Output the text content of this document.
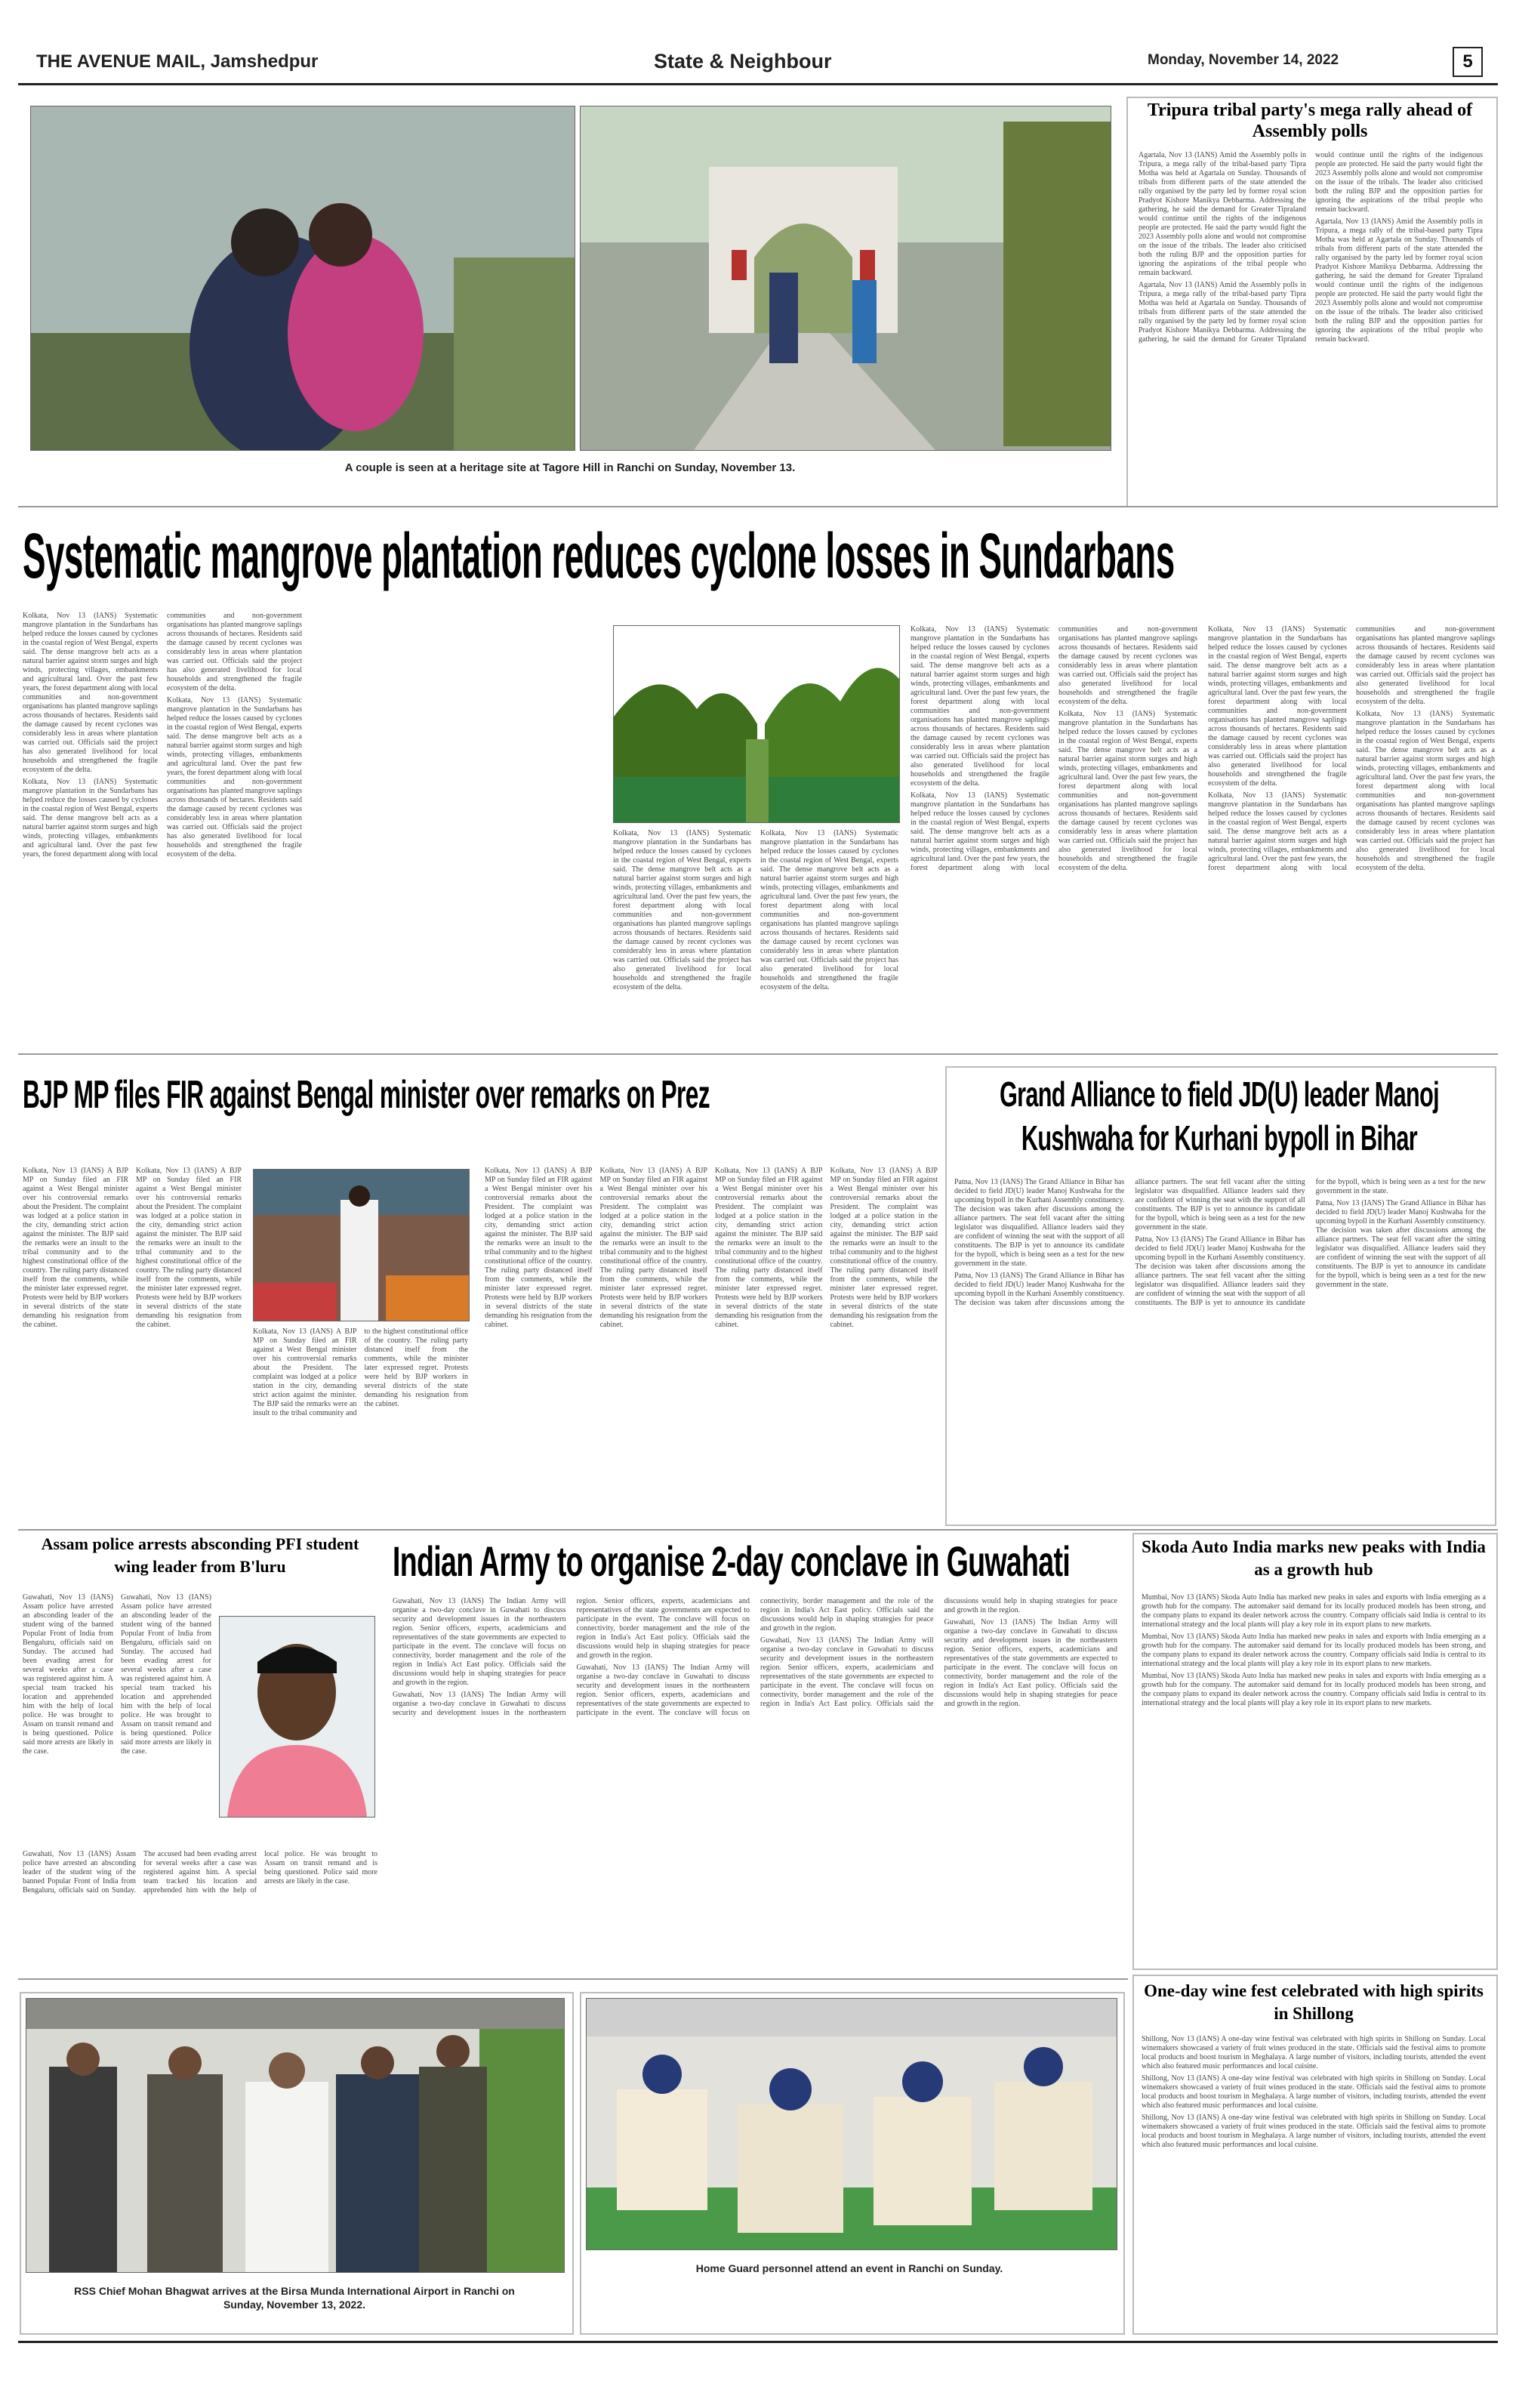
THE AVENUE MAIL, Jamshedpur	State & Neighbour	Monday, November 14, 2022	5
A couple is seen at a heritage site at Tagore Hill in Ranchi on Sunday, November 13.
Tripura tribal party's mega rally ahead of Assembly polls

Agartala, Nov 13 (IANS) Amid the Assembly polls in Tripura, a mega rally of the tribal-based party Tipra Motha was held at Agartala on Sunday. Thousands of tribals from different parts of the state attended the rally organised by the party led by former royal scion Pradyot Kishore Manikya Debbarma. Addressing the gathering, he said the demand for Greater Tipraland would continue until the rights of the indigenous people are protected. He said the party would fight the 2023 Assembly polls alone and would not compromise on the issue of the tribals. The leader also criticised both the ruling BJP and the opposition parties for ignoring the aspirations of the tribal people who remain backward.

Agartala, Nov 13 (IANS) Amid the Assembly polls in Tripura, a mega rally of the tribal-based party Tipra Motha was held at Agartala on Sunday. Thousands of tribals from different parts of the state attended the rally organised by the party led by former royal scion Pradyot Kishore Manikya Debbarma. Addressing the gathering, he said the demand for Greater Tipraland would continue until the rights of the indigenous people are protected. He said the party would fight the 2023 Assembly polls alone and would not compromise on the issue of the tribals. The leader also criticised both the ruling BJP and the opposition parties for ignoring the aspirations of the tribal people who remain backward.

Agartala, Nov 13 (IANS) Amid the Assembly polls in Tripura, a mega rally of the tribal-based party Tipra Motha was held at Agartala on Sunday. Thousands of tribals from different parts of the state attended the rally organised by the party led by former royal scion Pradyot Kishore Manikya Debbarma. Addressing the gathering, he said the demand for Greater Tipraland would continue until the rights of the indigenous people are protected. He said the party would fight the 2023 Assembly polls alone and would not compromise on the issue of the tribals. The leader also criticised both the ruling BJP and the opposition parties for ignoring the aspirations of the tribal people who remain backward.

Systematic mangrove plantation reduces cyclone losses in Sundarbans

Kolkata, Nov 13 (IANS) Systematic mangrove plantation in the Sundarbans has helped reduce the losses caused by cyclones in the coastal region of West Bengal, experts said. The dense mangrove belt acts as a natural barrier against storm surges and high winds, protecting villages, embankments and agricultural land. Over the past few years, the forest department along with local communities and non-government organisations has planted mangrove saplings across thousands of hectares. Residents said the damage caused by recent cyclones was considerably less in areas where plantation was carried out. Officials said the project has also generated livelihood for local households and strengthened the fragile ecosystem of the delta.

Kolkata, Nov 13 (IANS) Systematic mangrove plantation in the Sundarbans has helped reduce the losses caused by cyclones in the coastal region of West Bengal, experts said. The dense mangrove belt acts as a natural barrier against storm surges and high winds, protecting villages, embankments and agricultural land. Over the past few years, the forest department along with local communities and non-government organisations has planted mangrove saplings across thousands of hectares. Residents said the damage caused by recent cyclones was considerably less in areas where plantation was carried out. Officials said the project has also generated livelihood for local households and strengthened the fragile ecosystem of the delta.

Kolkata, Nov 13 (IANS) Systematic mangrove plantation in the Sundarbans has helped reduce the losses caused by cyclones in the coastal region of West Bengal, experts said. The dense mangrove belt acts as a natural barrier against storm surges and high winds, protecting villages, embankments and agricultural land. Over the past few years, the forest department along with local communities and non-government organisations has planted mangrove saplings across thousands of hectares. Residents said the damage caused by recent cyclones was considerably less in areas where plantation was carried out. Officials said the project has also generated livelihood for local households and strengthened the fragile ecosystem of the delta.

Kolkata, Nov 13 (IANS) Systematic mangrove plantation in the Sundarbans has helped reduce the losses caused by cyclones in the coastal region of West Bengal, experts said. The dense mangrove belt acts as a natural barrier against storm surges and high winds, protecting villages, embankments and agricultural land. Over the past few years, the forest department along with local communities and non-government organisations has planted mangrove saplings across thousands of hectares. Residents said the damage caused by recent cyclones was considerably less in areas where plantation was carried out. Officials said the project has also generated livelihood for local households and strengthened the fragile ecosystem of the delta.

Kolkata, Nov 13 (IANS) Systematic mangrove plantation in the Sundarbans has helped reduce the losses caused by cyclones in the coastal region of West Bengal, experts said. The dense mangrove belt acts as a natural barrier against storm surges and high winds, protecting villages, embankments and agricultural land. Over the past few years, the forest department along with local communities and non-government organisations has planted mangrove saplings across thousands of hectares. Residents said the damage caused by recent cyclones was considerably less in areas where plantation was carried out. Officials said the project has also generated livelihood for local households and strengthened the fragile ecosystem of the delta.

Kolkata, Nov 13 (IANS) Systematic mangrove plantation in the Sundarbans has helped reduce the losses caused by cyclones in the coastal region of West Bengal, experts said. The dense mangrove belt acts as a natural barrier against storm surges and high winds, protecting villages, embankments and agricultural land. Over the past few years, the forest department along with local communities and non-government organisations has planted mangrove saplings across thousands of hectares. Residents said the damage caused by recent cyclones was considerably less in areas where plantation was carried out. Officials said the project has also generated livelihood for local households and strengthened the fragile ecosystem of the delta.

Kolkata, Nov 13 (IANS) Systematic mangrove plantation in the Sundarbans has helped reduce the losses caused by cyclones in the coastal region of West Bengal, experts said. The dense mangrove belt acts as a natural barrier against storm surges and high winds, protecting villages, embankments and agricultural land. Over the past few years, the forest department along with local communities and non-government organisations has planted mangrove saplings across thousands of hectares. Residents said the damage caused by recent cyclones was considerably less in areas where plantation was carried out. Officials said the project has also generated livelihood for local households and strengthened the fragile ecosystem of the delta.

Kolkata, Nov 13 (IANS) Systematic mangrove plantation in the Sundarbans has helped reduce the losses caused by cyclones in the coastal region of West Bengal, experts said. The dense mangrove belt acts as a natural barrier against storm surges and high winds, protecting villages, embankments and agricultural land. Over the past few years, the forest department along with local communities and non-government organisations has planted mangrove saplings across thousands of hectares. Residents said the damage caused by recent cyclones was considerably less in areas where plantation was carried out. Officials said the project has also generated livelihood for local households and strengthened the fragile ecosystem of the delta.

Kolkata, Nov 13 (IANS) Systematic mangrove plantation in the Sundarbans has helped reduce the losses caused by cyclones in the coastal region of West Bengal, experts said. The dense mangrove belt acts as a natural barrier against storm surges and high winds, protecting villages, embankments and agricultural land. Over the past few years, the forest department along with local communities and non-government organisations has planted mangrove saplings across thousands of hectares. Residents said the damage caused by recent cyclones was considerably less in areas where plantation was carried out. Officials said the project has also generated livelihood for local households and strengthened the fragile ecosystem of the delta.

Kolkata, Nov 13 (IANS) Systematic mangrove plantation in the Sundarbans has helped reduce the losses caused by cyclones in the coastal region of West Bengal, experts said. The dense mangrove belt acts as a natural barrier against storm surges and high winds, protecting villages, embankments and agricultural land. Over the past few years, the forest department along with local communities and non-government organisations has planted mangrove saplings across thousands of hectares. Residents said the damage caused by recent cyclones was considerably less in areas where plantation was carried out. Officials said the project has also generated livelihood for local households and strengthened the fragile ecosystem of the delta.

Kolkata, Nov 13 (IANS) Systematic mangrove plantation in the Sundarbans has helped reduce the losses caused by cyclones in the coastal region of West Bengal, experts said. The dense mangrove belt acts as a natural barrier against storm surges and high winds, protecting villages, embankments and agricultural land. Over the past few years, the forest department along with local communities and non-government organisations has planted mangrove saplings across thousands of hectares. Residents said the damage caused by recent cyclones was considerably less in areas where plantation was carried out. Officials said the project has also generated livelihood for local households and strengthened the fragile ecosystem of the delta.

BJP MP files FIR against Bengal minister over remarks on Prez

Kolkata, Nov 13 (IANS) A BJP MP on Sunday filed an FIR against a West Bengal minister over his controversial remarks about the President. The complaint was lodged at a police station in the city, demanding strict action against the minister. The BJP said the remarks were an insult to the tribal community and to the highest constitutional office of the country. The ruling party distanced itself from the comments, while the minister later expressed regret. Protests were held by BJP workers in several districts of the state demanding his resignation from the cabinet.

Kolkata, Nov 13 (IANS) A BJP MP on Sunday filed an FIR against a West Bengal minister over his controversial remarks about the President. The complaint was lodged at a police station in the city, demanding strict action against the minister. The BJP said the remarks were an insult to the tribal community and to the highest constitutional office of the country. The ruling party distanced itself from the comments, while the minister later expressed regret. Protests were held by BJP workers in several districts of the state demanding his resignation from the cabinet.

Kolkata, Nov 13 (IANS) A BJP MP on Sunday filed an FIR against a West Bengal minister over his controversial remarks about the President. The complaint was lodged at a police station in the city, demanding strict action against the minister. The BJP said the remarks were an insult to the tribal community and to the highest constitutional office of the country. The ruling party distanced itself from the comments, while the minister later expressed regret. Protests were held by BJP workers in several districts of the state demanding his resignation from the cabinet.

Kolkata, Nov 13 (IANS) A BJP MP on Sunday filed an FIR against a West Bengal minister over his controversial remarks about the President. The complaint was lodged at a police station in the city, demanding strict action against the minister. The BJP said the remarks were an insult to the tribal community and to the highest constitutional office of the country. The ruling party distanced itself from the comments, while the minister later expressed regret. Protests were held by BJP workers in several districts of the state demanding his resignation from the cabinet.

Kolkata, Nov 13 (IANS) A BJP MP on Sunday filed an FIR against a West Bengal minister over his controversial remarks about the President. The complaint was lodged at a police station in the city, demanding strict action against the minister. The BJP said the remarks were an insult to the tribal community and to the highest constitutional office of the country. The ruling party distanced itself from the comments, while the minister later expressed regret. Protests were held by BJP workers in several districts of the state demanding his resignation from the cabinet.

Kolkata, Nov 13 (IANS) A BJP MP on Sunday filed an FIR against a West Bengal minister over his controversial remarks about the President. The complaint was lodged at a police station in the city, demanding strict action against the minister. The BJP said the remarks were an insult to the tribal community and to the highest constitutional office of the country. The ruling party distanced itself from the comments, while the minister later expressed regret. Protests were held by BJP workers in several districts of the state demanding his resignation from the cabinet.

Kolkata, Nov 13 (IANS) A BJP MP on Sunday filed an FIR against a West Bengal minister over his controversial remarks about the President. The complaint was lodged at a police station in the city, demanding strict action against the minister. The BJP said the remarks were an insult to the tribal community and to the highest constitutional office of the country. The ruling party distanced itself from the comments, while the minister later expressed regret. Protests were held by BJP workers in several districts of the state demanding his resignation from the cabinet.

Grand Alliance to field JD(U) leader Manoj Kushwaha for Kurhani bypoll in Bihar

Patna, Nov 13 (IANS) The Grand Alliance in Bihar has decided to field JD(U) leader Manoj Kushwaha for the upcoming bypoll in the Kurhani Assembly constituency. The decision was taken after discussions among the alliance partners. The seat fell vacant after the sitting legislator was disqualified. Alliance leaders said they are confident of winning the seat with the support of all constituents. The BJP is yet to announce its candidate for the bypoll, which is being seen as a test for the new government in the state.

Patna, Nov 13 (IANS) The Grand Alliance in Bihar has decided to field JD(U) leader Manoj Kushwaha for the upcoming bypoll in the Kurhani Assembly constituency. The decision was taken after discussions among the alliance partners. The seat fell vacant after the sitting legislator was disqualified. Alliance leaders said they are confident of winning the seat with the support of all constituents. The BJP is yet to announce its candidate for the bypoll, which is being seen as a test for the new government in the state.

Patna, Nov 13 (IANS) The Grand Alliance in Bihar has decided to field JD(U) leader Manoj Kushwaha for the upcoming bypoll in the Kurhani Assembly constituency. The decision was taken after discussions among the alliance partners. The seat fell vacant after the sitting legislator was disqualified. Alliance leaders said they are confident of winning the seat with the support of all constituents. The BJP is yet to announce its candidate for the bypoll, which is being seen as a test for the new government in the state.

Patna, Nov 13 (IANS) The Grand Alliance in Bihar has decided to field JD(U) leader Manoj Kushwaha for the upcoming bypoll in the Kurhani Assembly constituency. The decision was taken after discussions among the alliance partners. The seat fell vacant after the sitting legislator was disqualified. Alliance leaders said they are confident of winning the seat with the support of all constituents. The BJP is yet to announce its candidate for the bypoll, which is being seen as a test for the new government in the state.

Assam police arrests absconding PFI student wing leader from B'luru

Guwahati, Nov 13 (IANS) Assam police have arrested an absconding leader of the student wing of the banned Popular Front of India from Bengaluru, officials said on Sunday. The accused had been evading arrest for several weeks after a case was registered against him. A special team tracked his location and apprehended him with the help of local police. He was brought to Assam on transit remand and is being questioned. Police said more arrests are likely in the case.

Guwahati, Nov 13 (IANS) Assam police have arrested an absconding leader of the student wing of the banned Popular Front of India from Bengaluru, officials said on Sunday. The accused had been evading arrest for several weeks after a case was registered against him. A special team tracked his location and apprehended him with the help of local police. He was brought to Assam on transit remand and is being questioned. Police said more arrests are likely in the case.

Guwahati, Nov 13 (IANS) Assam police have arrested an absconding leader of the student wing of the banned Popular Front of India from Bengaluru, officials said on Sunday. The accused had been evading arrest for several weeks after a case was registered against him. A special team tracked his location and apprehended him with the help of local police. He was brought to Assam on transit remand and is being questioned. Police said more arrests are likely in the case.

Indian Army to organise 2-day conclave in Guwahati

Guwahati, Nov 13 (IANS) The Indian Army will organise a two-day conclave in Guwahati to discuss security and development issues in the northeastern region. Senior officers, experts, academicians and representatives of the state governments are expected to participate in the event. The conclave will focus on connectivity, border management and the role of the region in India's Act East policy. Officials said the discussions would help in shaping strategies for peace and growth in the region.

Guwahati, Nov 13 (IANS) The Indian Army will organise a two-day conclave in Guwahati to discuss security and development issues in the northeastern region. Senior officers, experts, academicians and representatives of the state governments are expected to participate in the event. The conclave will focus on connectivity, border management and the role of the region in India's Act East policy. Officials said the discussions would help in shaping strategies for peace and growth in the region.

Guwahati, Nov 13 (IANS) The Indian Army will organise a two-day conclave in Guwahati to discuss security and development issues in the northeastern region. Senior officers, experts, academicians and representatives of the state governments are expected to participate in the event. The conclave will focus on connectivity, border management and the role of the region in India's Act East policy. Officials said the discussions would help in shaping strategies for peace and growth in the region.

Guwahati, Nov 13 (IANS) The Indian Army will organise a two-day conclave in Guwahati to discuss security and development issues in the northeastern region. Senior officers, experts, academicians and representatives of the state governments are expected to participate in the event. The conclave will focus on connectivity, border management and the role of the region in India's Act East policy. Officials said the discussions would help in shaping strategies for peace and growth in the region.

Guwahati, Nov 13 (IANS) The Indian Army will organise a two-day conclave in Guwahati to discuss security and development issues in the northeastern region. Senior officers, experts, academicians and representatives of the state governments are expected to participate in the event. The conclave will focus on connectivity, border management and the role of the region in India's Act East policy. Officials said the discussions would help in shaping strategies for peace and growth in the region.

Skoda Auto India marks new peaks with India as a growth hub

Mumbai, Nov 13 (IANS) Skoda Auto India has marked new peaks in sales and exports with India emerging as a growth hub for the company. The automaker said demand for its locally produced models has been strong, and the company plans to expand its dealer network across the country. Company officials said India is central to its international strategy and the local plants will play a key role in its export plans to new markets.

Mumbai, Nov 13 (IANS) Skoda Auto India has marked new peaks in sales and exports with India emerging as a growth hub for the company. The automaker said demand for its locally produced models has been strong, and the company plans to expand its dealer network across the country. Company officials said India is central to its international strategy and the local plants will play a key role in its export plans to new markets.

Mumbai, Nov 13 (IANS) Skoda Auto India has marked new peaks in sales and exports with India emerging as a growth hub for the company. The automaker said demand for its locally produced models has been strong, and the company plans to expand its dealer network across the country. Company officials said India is central to its international strategy and the local plants will play a key role in its export plans to new markets.

RSS Chief Mohan Bhagwat arrives at the Birsa Munda International Airport in Ranchi on Sunday, November 13, 2022.
Home Guard personnel attend an event in Ranchi on Sunday.
One-day wine fest celebrated with high spirits in Shillong

Shillong, Nov 13 (IANS) A one-day wine festival was celebrated with high spirits in Shillong on Sunday. Local winemakers showcased a variety of fruit wines produced in the state. Officials said the festival aims to promote local products and boost tourism in Meghalaya. A large number of visitors, including tourists, attended the event which also featured music performances and local cuisine.

Shillong, Nov 13 (IANS) A one-day wine festival was celebrated with high spirits in Shillong on Sunday. Local winemakers showcased a variety of fruit wines produced in the state. Officials said the festival aims to promote local products and boost tourism in Meghalaya. A large number of visitors, including tourists, attended the event which also featured music performances and local cuisine.

Shillong, Nov 13 (IANS) A one-day wine festival was celebrated with high spirits in Shillong on Sunday. Local winemakers showcased a variety of fruit wines produced in the state. Officials said the festival aims to promote local products and boost tourism in Meghalaya. A large number of visitors, including tourists, attended the event which also featured music performances and local cuisine.
